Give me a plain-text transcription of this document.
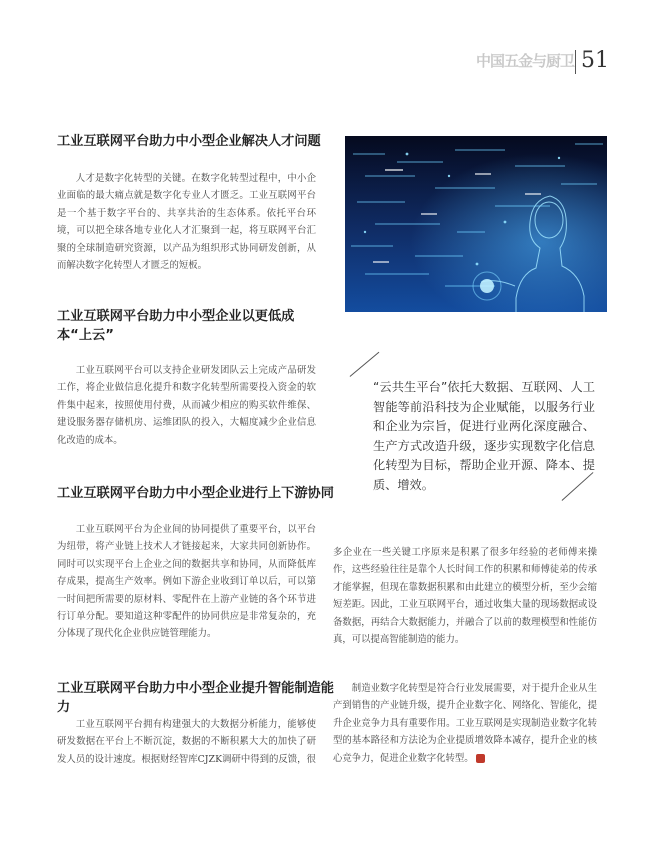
中国五金与厨卫 51
工业互联网平台助力中小型企业解决人才问题

人才是数字化转型的关键。在数字化转型过程中，中小企业面临的最大痛点就是数字化专业人才匮乏。工业互联网平台是一个基于数字平台的、共享共治的生态体系。依托平台环境，可以把全球各地专业化人才汇聚到一起，将互联网平台汇聚的全球制造研究资源，以产品为组织形式协同研发创新，从而解决数字化转型人才匮乏的短板。

工业互联网平台助力中小型企业以更低成本“上云”

工业互联网平台可以支持企业研发团队云上完成产品研发工作，将企业做信息化提升和数字化转型所需要投入资金的软件集中起来，按照使用付费，从而减少相应的购买软件维保、建设服务器存储机房、运维团队的投入，大幅度减少企业信息化改造的成本。

工业互联网平台助力中小型企业进行上下游协同

工业互联网平台为企业间的协同提供了重要平台，以平台为纽带，将产业链上技术人才链接起来，大家共同创新协作。同时可以实现平台上企业之间的数据共享和协同，从而降低库存成果，提高生产效率。例如下游企业收到订单以后，可以第一时间把所需要的原材料、零配件在上游产业链的各个环节进行订单分配。要知道这种零配件的协同供应是非常复杂的，充分体现了现代化企业供应链管理能力。

工业互联网平台助力中小型企业提升智能制造能力

工业互联网平台拥有构建强大的大数据分析能力，能够使研发数据在平台上不断沉淀，数据的不断积累大大的加快了研发人员的设计速度。根据财经智库CJZK调研中得到的反馈，很

“云共生平台”依托大数据、互联网、人工智能等前沿科技为企业赋能，以服务行业和企业为宗旨，促进行业两化深度融合、生产方式改造升级，逐步实现数字化信息化转型为目标，帮助企业开源、降本、提质、增效。

多企业在一些关键工序原来是积累了很多年经验的老师傅来操作，这些经验往往是靠个人长时间工作的积累和师傅徒弟的传承才能掌握，但现在靠数据积累和由此建立的模型分析，至少会缩短差距。因此，工业互联网平台，通过收集大量的现场数据或设备数据，再结合大数据能力，并融合了以前的数理模型和性能仿真，可以提高智能制造的能力。

制造业数字化转型是符合行业发展需要，对于提升企业从生产到销售的产业链升级，提升企业数字化、网络化、智能化，提升企业竞争力具有重要作用。工业互联网是实现制造业数字化转型的基本路径和方法论为企业提质增效降本减存，提升企业的核心竞争力，促进企业数字化转型。	ⓒ
